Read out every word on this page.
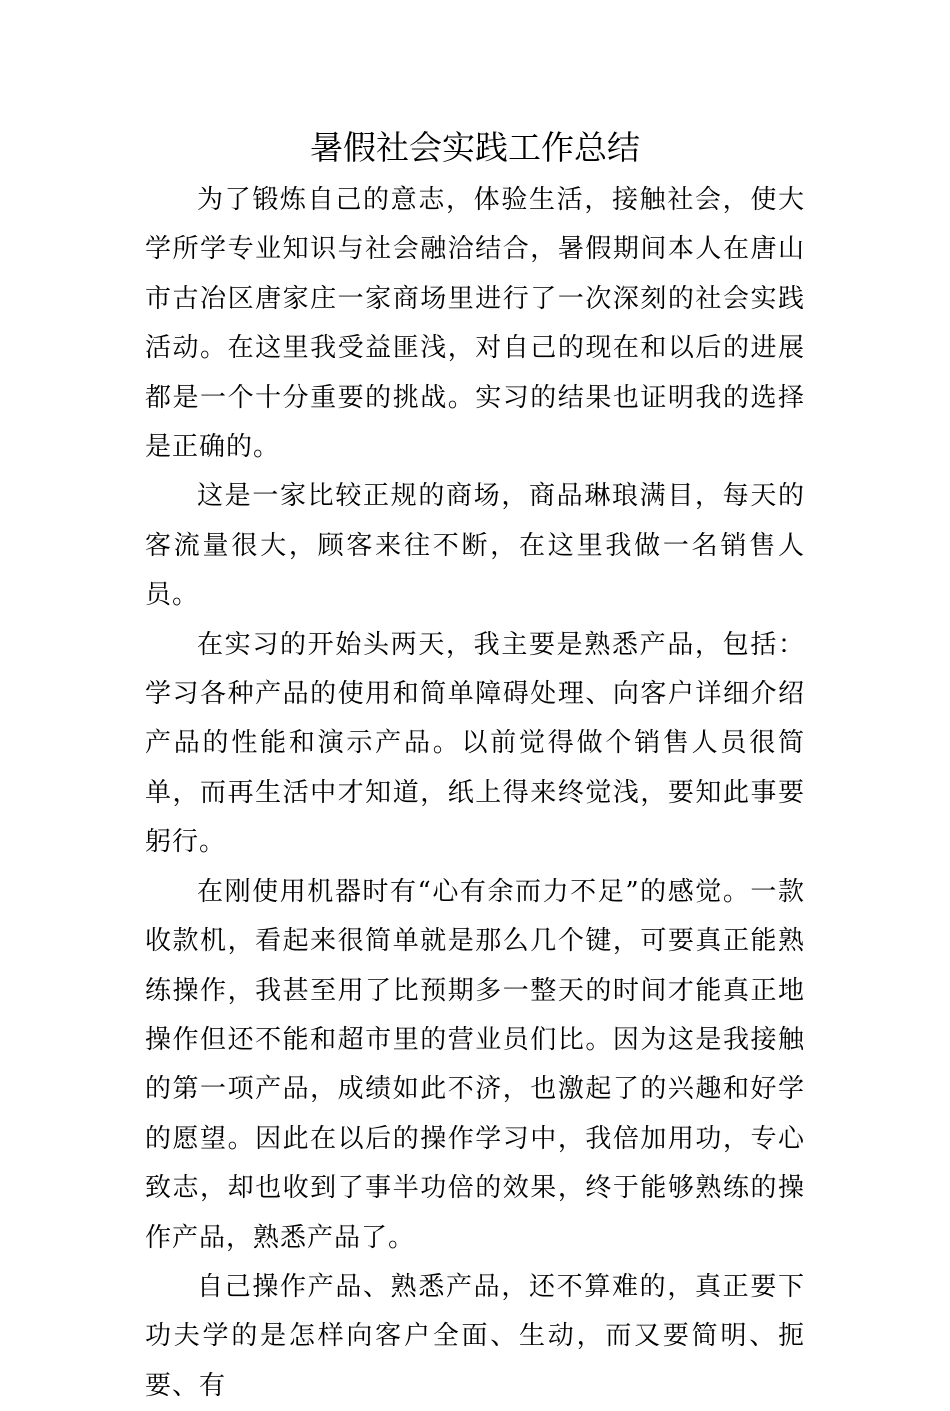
暑假社会实践工作总结

为了锻炼自己的意志，体验生活，接触社会，使大学所学专业知识与社会融洽结合，暑假期间本人在唐山市古冶区唐家庄一家商场里进行了一次深刻的社会实践活动。在这里我受益匪浅，对自己的现在和以后的进展都是一个十分重要的挑战。实习的结果也证明我的选择是正确的。

这是一家比较正规的商场，商品琳琅满目，每天的客流量很大，顾客来往不断，在这里我做一名销售人员。

在实习的开始头两天，我主要是熟悉产品，包括：学习各种产品的使用和简单障碍处理、向客户详细介绍产品的性能和演示产品。以前觉得做个销售人员很简单，而再生活中才知道，纸上得来终觉浅，要知此事要躬行。

在刚使用机器时有“心有余而力不足”的感觉。一款收款机，看起来很简单就是那么几个键，可要真正能熟练操作，我甚至用了比预期多一整天的时间才能真正地操作但还不能和超市里的营业员们比。因为这是我接触的第一项产品，成绩如此不济，也激起了的兴趣和好学的愿望。因此在以后的操作学习中，我倍加用功，专心致志，却也收到了事半功倍的效果，终于能够熟练的操作产品，熟悉产品了。

自己操作产品、熟悉产品，还不算难的，真正要下功夫学的是怎样向客户全面、生动，而又要简明、扼要、有
